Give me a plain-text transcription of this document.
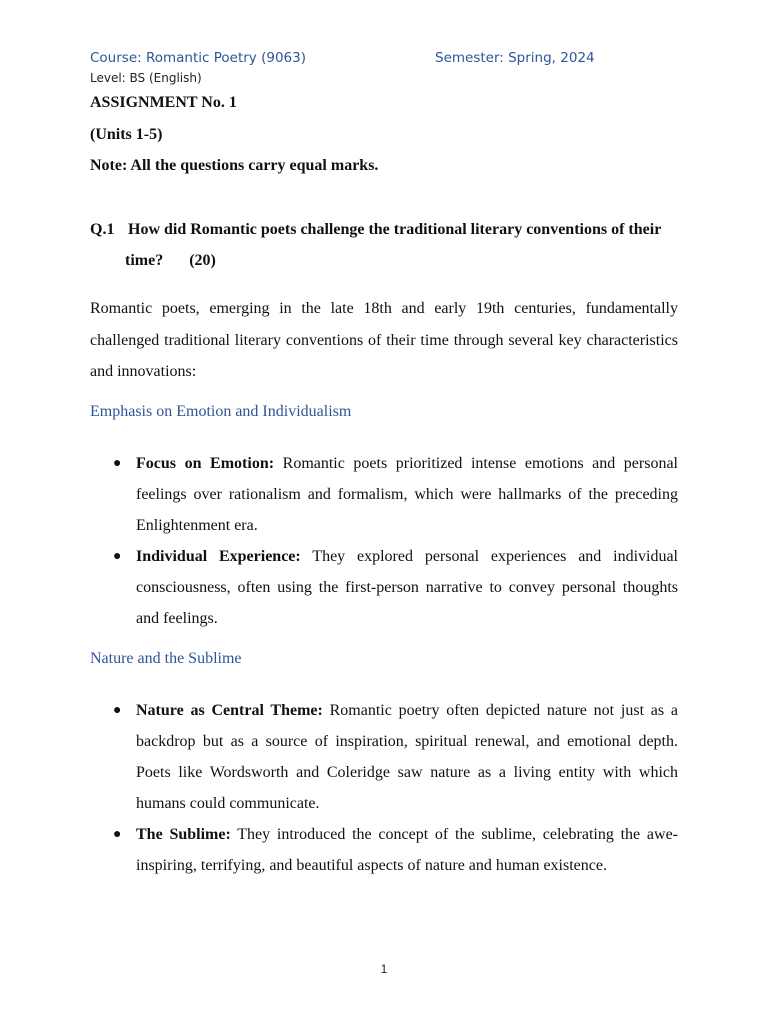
Course: Romantic Poetry (9063)	Semester: Spring, 2024
Level: BS (English)
ASSIGNMENT No. 1
(Units 1-5)
Note: All the questions carry equal marks.
Q.1 How did Romantic poets challenge the traditional literary conventions of their
time? (20)
Romantic poets, emerging in the late 18th and early 19th centuries, fundamentally challenged traditional literary conventions of their time through several key characteristics and innovations:
Emphasis on Emotion and Individualism
● Focus on Emotion: Romantic poets prioritized intense emotions and personal feelings over rationalism and formalism, which were hallmarks of the preceding Enlightenment era.
● Individual Experience: They explored personal experiences and individual consciousness, often using the first-person narrative to convey personal thoughts and feelings.
Nature and the Sublime
● Nature as Central Theme: Romantic poetry often depicted nature not just as a backdrop but as a source of inspiration, spiritual renewal, and emotional depth. Poets like Wordsworth and Coleridge saw nature as a living entity with which humans could communicate.
● The Sublime: They introduced the concept of the sublime, celebrating the awe-inspiring, terrifying, and beautiful aspects of nature and human existence.
1
